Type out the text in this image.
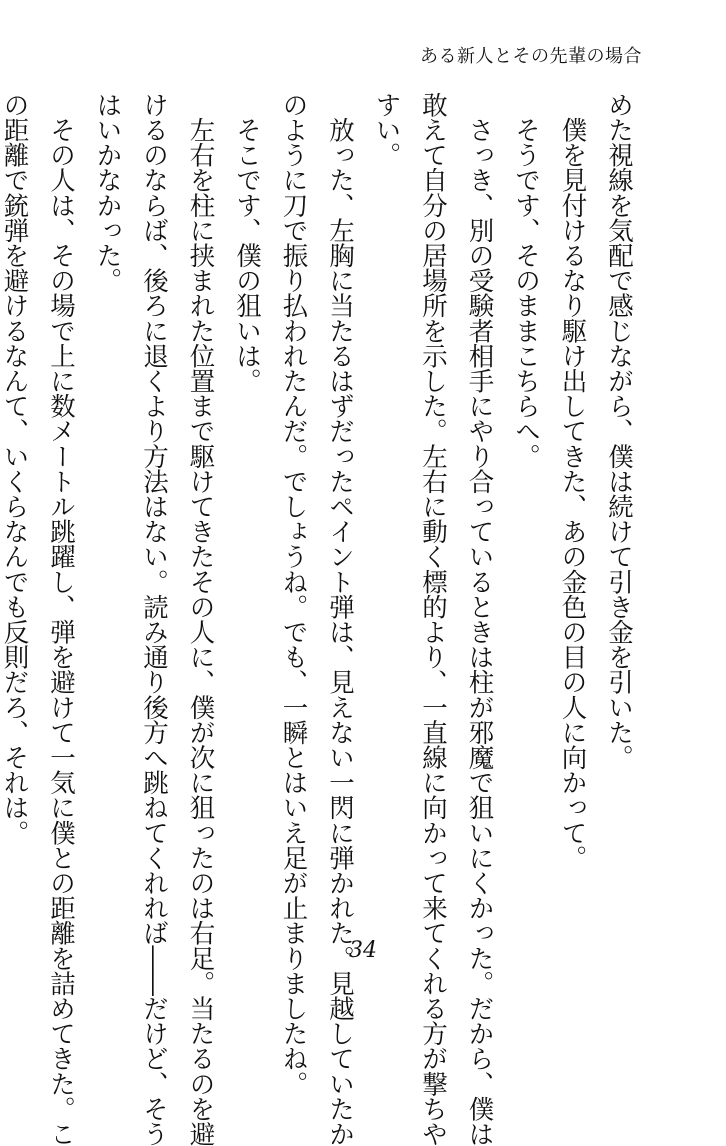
ある新人とその先輩の場合

めた視線を気配で感じながら、僕は続けて引き金を引いた。

　僕を見付けるなり駆け出してきた、あの金色の目の人に向かって。

　そうです、そのままこちらへ。

　さっき、別の受験者相手にやり合っているときは柱が邪魔で狙いにくかった。だから、僕は

敢えて自分の居場所を示した。左右に動く標的より、一直線に向かって来てくれる方が撃ちや

すい。

　放った、左胸に当たるはずだったペイント弾は、見えない一閃に弾かれた。見越していたか

のように刀で振り払われたんだ。でしょうね。でも、一瞬とはいえ足が止まりましたね。

　そこです、僕の狙いは。

　左右を柱に挟まれた位置まで駆けてきたその人に、僕が次に狙ったのは右足。当たるのを避

けるのならば、後ろに退くより方法はない。読み通り後方へ跳ねてくれれば――だけど、そう

はいかなかった。

　その人は、その場で上に数メートル跳躍し、弾を避けて一気に僕との距離を詰めてきた。こ

の距離で銃弾を避けるなんて、いくらなんでも反則だろ、それは。

34
